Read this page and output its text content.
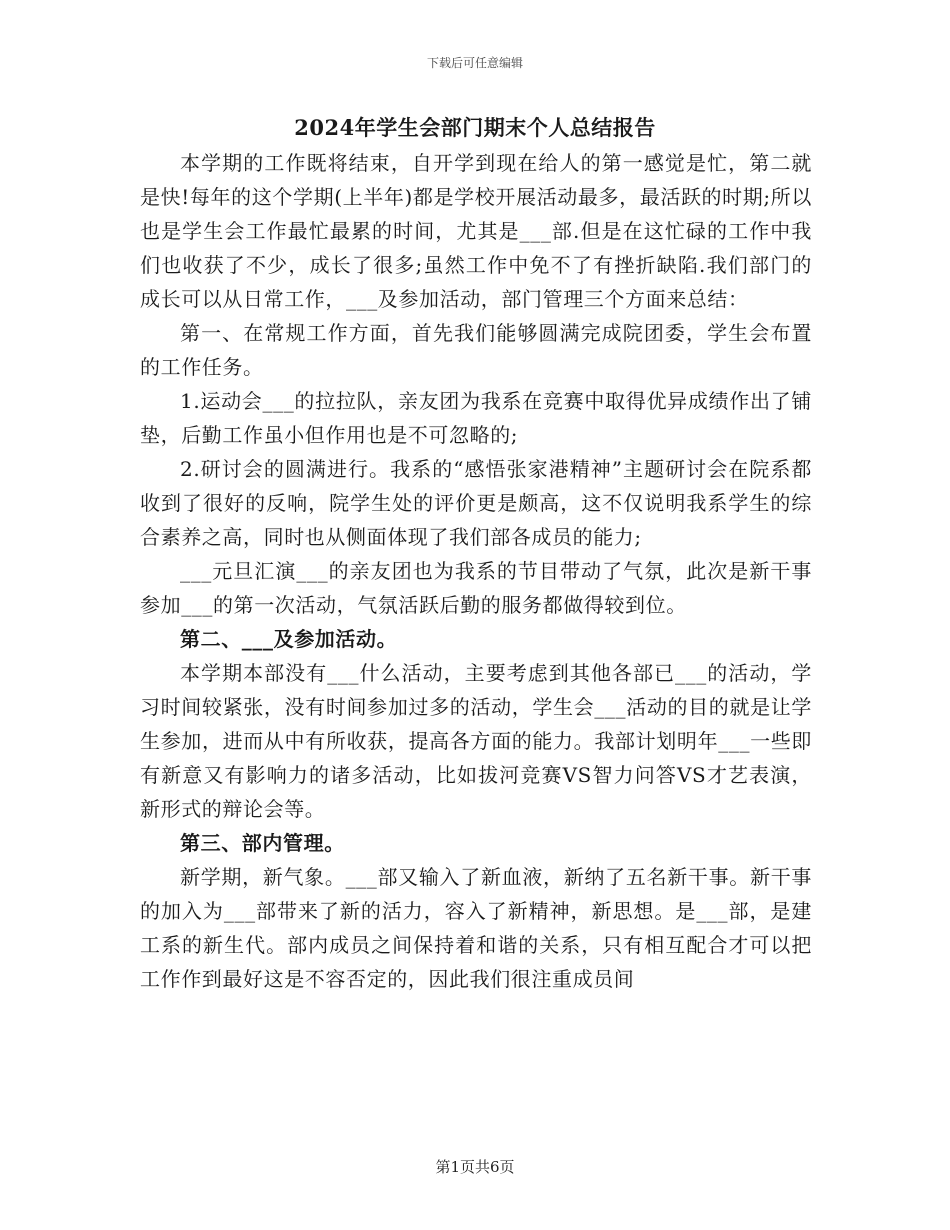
下载后可任意编辑
2024年学生会部门期末个人总结报告

本学期的工作既将结束，自开学到现在给人的第一感觉是忙，第二就是快!每年的这个学期(上半年)都是学校开展活动最多，最活跃的时期;所以也是学生会工作最忙最累的时间，尤其是___部.但是在这忙碌的工作中我们也收获了不少，成长了很多;虽然工作中免不了有挫折缺陷.我们部门的成长可以从日常工作，___及参加活动，部门管理三个方面来总结：

第一、在常规工作方面，首先我们能够圆满完成院团委，学生会布置的工作任务。

1.运动会___的拉拉队，亲友团为我系在竞赛中取得优异成绩作出了铺垫，后勤工作虽小但作用也是不可忽略的;

2.研讨会的圆满进行。我系的“感悟张家港精神”主题研讨会在院系都收到了很好的反响，院学生处的评价更是颇高，这不仅说明我系学生的综合素养之高，同时也从侧面体现了我们部各成员的能力;

___元旦汇演___的亲友团也为我系的节目带动了气氛，此次是新干事参加___的第一次活动，气氛活跃后勤的服务都做得较到位。

第二、___及参加活动。

本学期本部没有___什么活动，主要考虑到其他各部已___的活动，学习时间较紧张，没有时间参加过多的活动，学生会___活动的目的就是让学生参加，进而从中有所收获，提高各方面的能力。我部计划明年___一些即有新意又有影响力的诸多活动，比如拔河竞赛VS智力问答VS才艺表演，新形式的辩论会等。

第三、部内管理。

新学期，新气象。___部又输入了新血液，新纳了五名新干事。新干事的加入为___部带来了新的活力，容入了新精神，新思想。是___部，是建工系的新生代。部内成员之间保持着和谐的关系，只有相互配合才可以把工作作到最好这是不容否定的，因此我们很注重成员间

第1页共6页
